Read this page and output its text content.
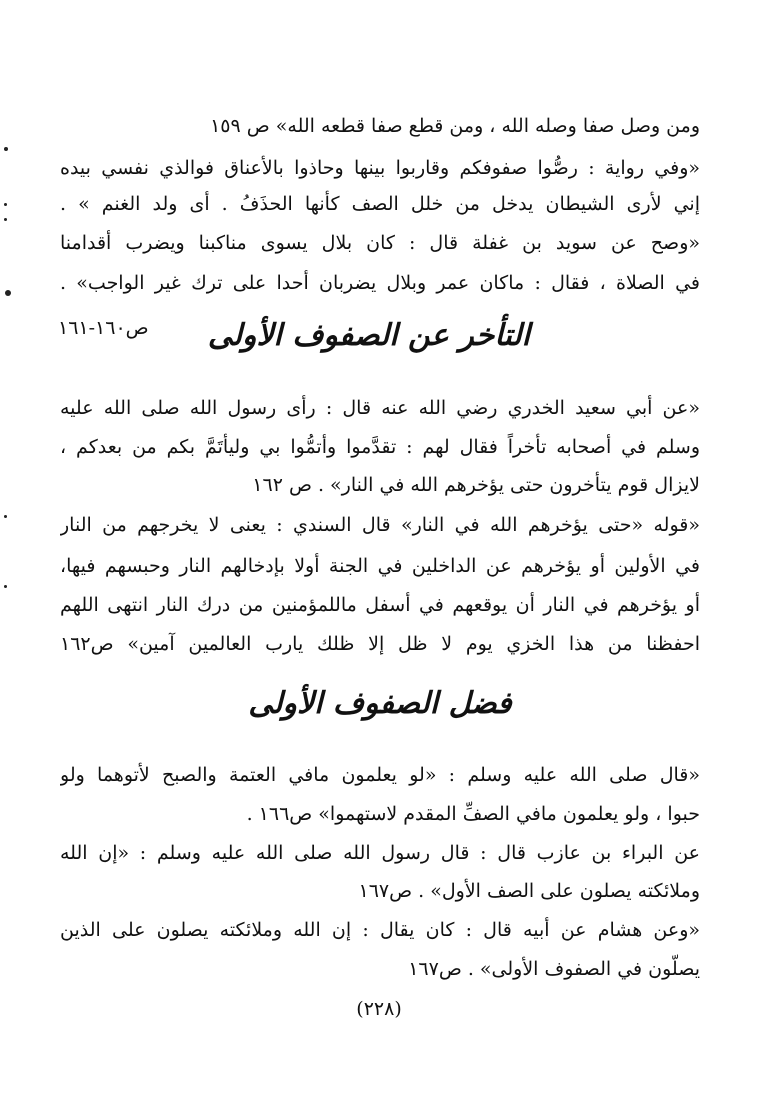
ومن وصل صفا وصله الله ، ومن قطع صفا قطعه الله» ص ١٥٩
«وفي رواية : رصُّوا صفوفكم وقاربوا بينها وحاذوا بالأعناق فوالذي نفسي بيده
إني لأرى الشيطان يدخل من خلل الصف كأنها الحذَفُ . أى ولد الغنم » .
«وصح عن سويد بن غفلة قال : كان بلال يسوى مناكبنا ويضرب أقدامنا
في الصلاة ، فقال : ماكان عمر وبلال يضربان أحدا على ترك غير الواجب» .
ص١٦٠-١٦١ التأخر عن الصفوف الأولى
«عن أبي سعيد الخدري رضي الله عنه قال : رأى رسول الله صلى الله عليه
وسلم في أصحابه تأخراً فقال لهم : تقدَّموا وأتمُّوا بي وليأتَمَّ بكم من بعدكم ،
لايزال قوم يتأخرون حتى يؤخرهم الله في النار» . ص ١٦٢
«قوله «حتى يؤخرهم الله في النار» قال السندي : يعنى لا يخرجهم من النار
في الأولين أو يؤخرهم عن الداخلين في الجنة أولا بإدخالهم النار وحبسهم فيها،
أو يؤخرهم في النار أن يوقعهم في أسفل ماللمؤمنين من درك النار انتهى اللهم
احفظنا من هذا الخزي يوم لا ظل إلا ظلك يارب العالمين آمين» ص١٦٢
فضل الصفوف الأولى
«قال صلى الله عليه وسلم : «لو يعلمون مافي العتمة والصبح لأتوهما ولو
حبوا ، ولو يعلمون مافي الصفِّ المقدم لاستهموا» ص١٦٦ .
عن البراء بن عازب قال : قال رسول الله صلى الله عليه وسلم : «إن الله
وملائكته يصلون على الصف الأول» . ص١٦٧
«وعن هشام عن أبيه قال : كان يقال : إن الله وملائكته يصلون على الذين
يصلّون في الصفوف الأولى» . ص١٦٧
(٢٢٨)
